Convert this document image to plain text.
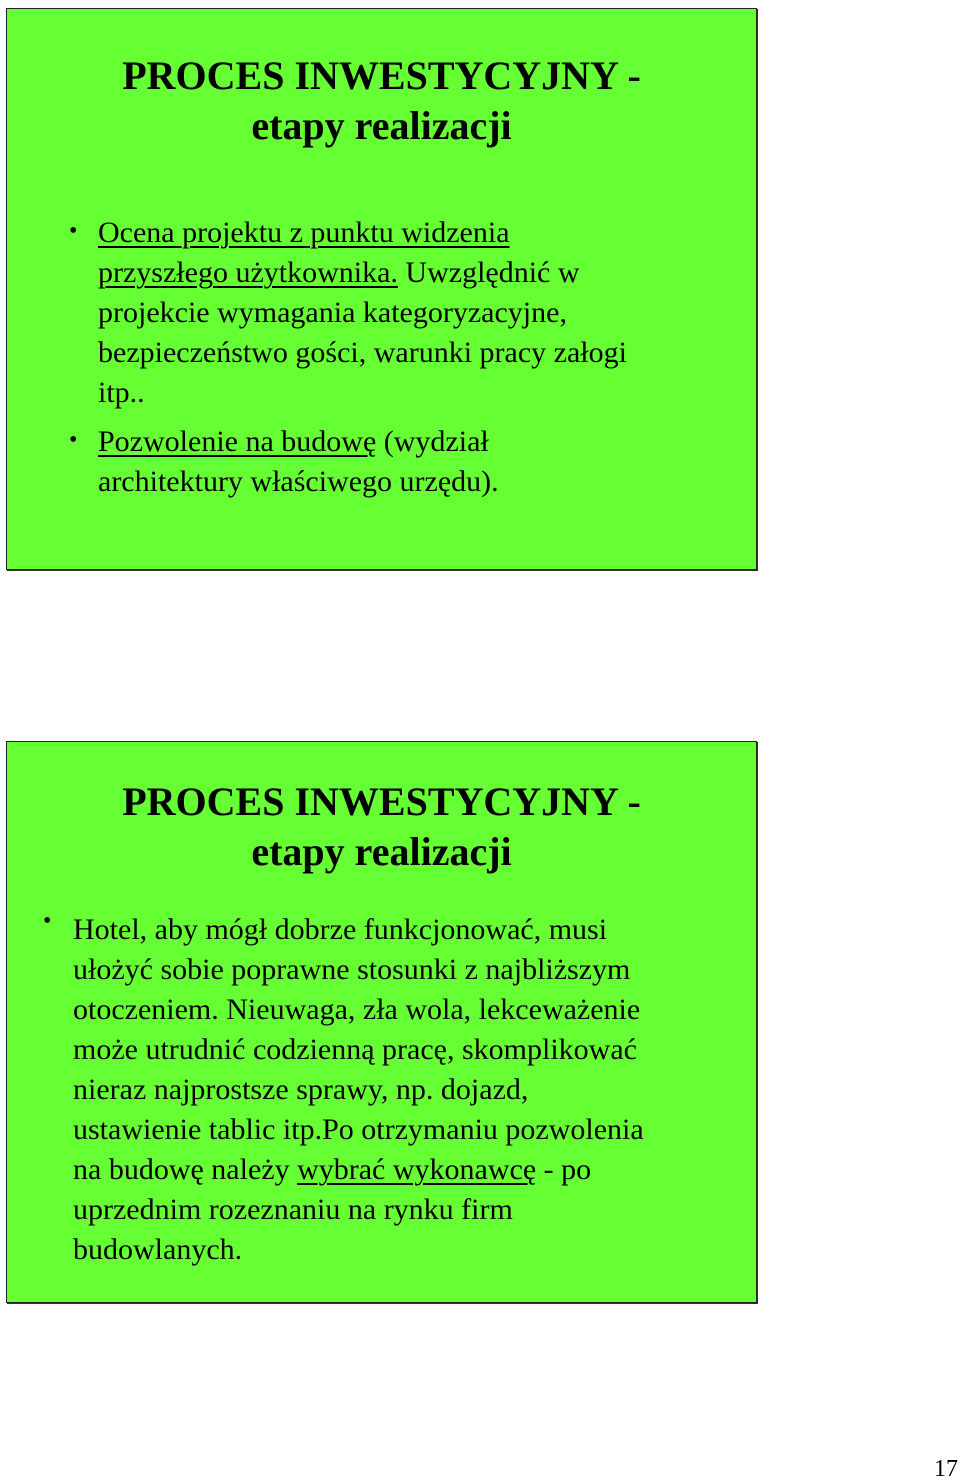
PROCES INWESTYCYJNY -
etapy realizacji
• Ocena projektu z punktu widzenia
przyszłego użytkownika. Uwzględnić w
projekcie wymagania kategoryzacyjne,
bezpieczeństwo gości, warunki pracy załogi
itp..
• Pozwolenie na budowę (wydział
architektury właściwego urzędu).
PROCES INWESTYCYJNY -
etapy realizacji
• Hotel, aby mógł dobrze funkcjonować, musi
ułożyć sobie poprawne stosunki z najbliższym
otoczeniem. Nieuwaga, zła wola, lekceważenie
może utrudnić codzienną pracę, skomplikować
nieraz najprostsze sprawy, np. dojazd,
ustawienie tablic itp.Po otrzymaniu pozwolenia
na budowę należy wybrać wykonawcę - po
uprzednim rozeznaniu na rynku firm
budowlanych.
17
